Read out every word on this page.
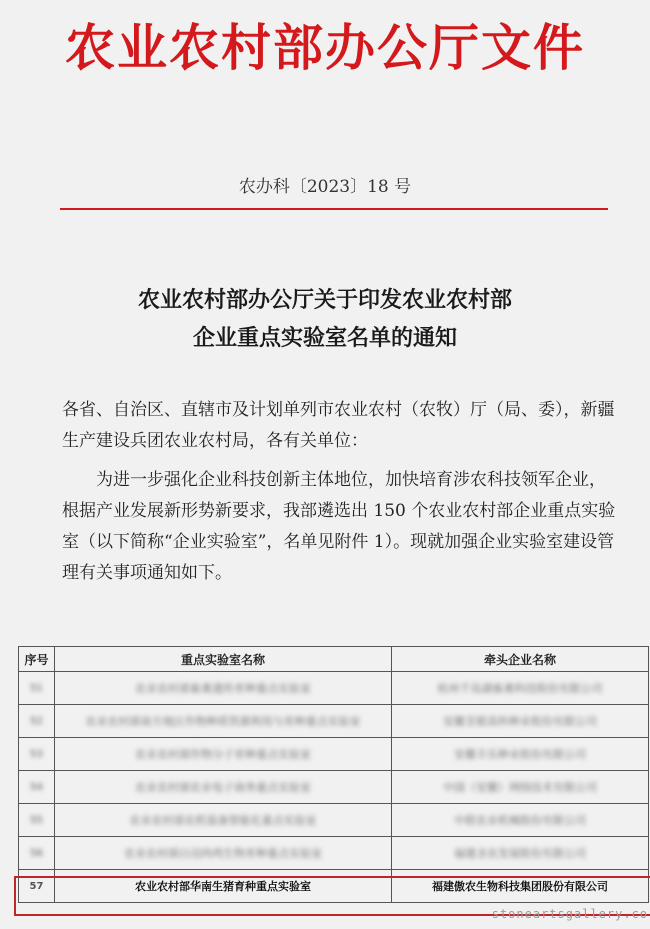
农业农村部办公厅文件
农办科〔2023〕18 号
农业农村部办公厅关于印发农业农村部
企业重点实验室名单的通知
各省、自治区、直辖市及计划单列市农业农村（农牧）厅（局、委），新疆生产建设兵团农业农村局，各有关单位：
为进一步强化企业科技创新主体地位，加快培育涉农科技领军企业，根据产业发展新形势新要求，我部遴选出 150 个农业农村部企业重点实验室（以下简称“企业实验室”，名单见附件 1）。现就加强企业实验室建设管理有关事项通知如下。
序号	重点实验室名称	牵头企业名称
51	农业农村部畜禽遗传育种重点实验室	杭州千岛湖畜禽科技股份有限公司
52	农业农村部南方地区作物种质资源利用与育种重点实验室	安徽荃银高科种业股份有限公司
53	农业农村部作物分子育种重点实验室	安徽丰乐种业股份有限公司
54	农业农村部农业电子商务重点实验室	中国（安徽）网络技术有限公司
55	农业农村部农机装备智能化重点实验室	中联农业机械股份有限公司
56	农业农村部白羽肉鸡生物育种重点实验室	福建圣农发展股份有限公司
57	农业农村部华南生猪育种重点实验室	福建傲农生物科技集团股份有限公司
stoneartsgallery.co
